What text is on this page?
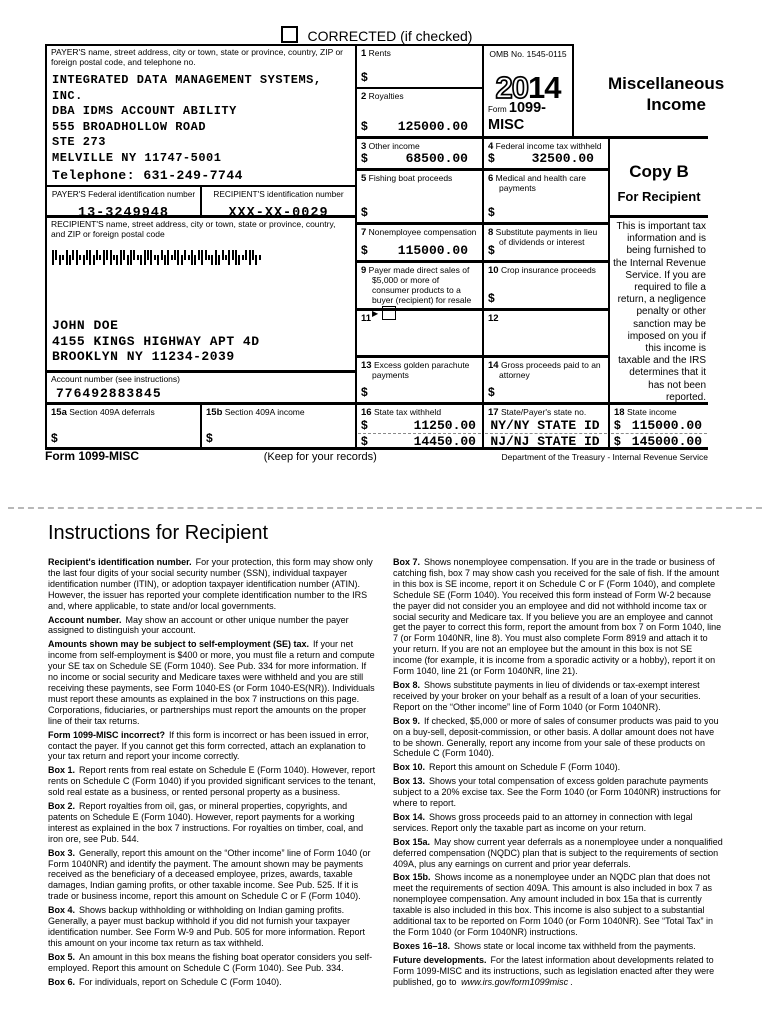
CORRECTED (if checked)
PAYER'S name, street address, city or town, state or province, country, ZIP or foreign postal code, and telephone no.
INTEGRATED DATA MANAGEMENT SYSTEMS, INC.
DBA IDMS ACCOUNT ABILITY
555 BROADHOLLOW ROAD
STE 273
MELVILLE NY 11747-5001
Telephone: 631-249-7744
PAYER'S Federal identification number
13-3249948
RECIPIENT'S identification number
XXX-XX-0029
RECIPIENT'S name, street address, city or town, state or province, country, and ZIP or foreign postal code
JOHN DOE
4155 KINGS HIGHWAY APT 4D
BROOKLYN NY 11234-2039
Account number (see instructions)
776492883845
15a Section 409A deferrals
$
15b Section 409A income
$
1 Rents
$
2 Royalties
$ 125000.00
3 Other income
$	68500.00
5 Fishing boat proceeds
$
7 Nonemployee compensation
$ 115000.00
9 Payer made direct sales of $5,000 or more of consumer products to a buyer (recipient) for resale ▶
11
13 Excess golden parachute payments
$
16 State tax withheld
$	11250.00
$	14450.00
OMB No. 1545-0115
2014
Form 1099-MISC
4 Federal income tax withheld
$	32500.00
6 Medical and health care payments
$
8 Substitute payments in lieu of dividends or interest
$
10 Crop insurance proceeds
$
12
14 Gross proceeds paid to an attorney
$
17 State/Payer's state no.
NY/NY STATE ID
NJ/NJ STATE ID
Miscellaneous
Income
Copy B
For Recipient
This is important tax information and is being furnished to the Internal Revenue Service. If you are required to file a return, a negligence penalty or other sanction may be imposed on you if this income is taxable and the IRS determines that it has not been reported.
18 State income
$ 115000.00
$ 145000.00
Form 1099-MISC	(Keep for your records)	Department of the Treasury - Internal Revenue Service
Instructions for Recipient

Recipient's identification number. For your protection, this form may show only the last four digits of your social security number (SSN), individual taxpayer identification number (ITIN), or adoption taxpayer identification number (ATIN). However, the issuer has reported your complete identification number to the IRS and, where applicable, to state and/or local governments.

Account number. May show an account or other unique number the payer assigned to distinguish your account.

Amounts shown may be subject to self-employment (SE) tax. If your net income from self-employment is $400 or more, you must file a return and compute your SE tax on Schedule SE (Form 1040). See Pub. 334 for more information. If no income or social security and Medicare taxes were withheld and you are still receiving these payments, see Form 1040-ES (or Form 1040-ES(NR)). Individuals must report these amounts as explained in the box 7 instructions on this page. Corporations, fiduciaries, or partnerships must report the amounts on the proper line of their tax returns.

Form 1099-MISC incorrect? If this form is incorrect or has been issued in error, contact the payer. If you cannot get this form corrected, attach an explanation to your tax return and report your income correctly.

Box 1. Report rents from real estate on Schedule E (Form 1040). However, report rents on Schedule C (Form 1040) if you provided significant services to the tenant, sold real estate as a business, or rented personal property as a business.

Box 2. Report royalties from oil, gas, or mineral properties, copyrights, and patents on Schedule E (Form 1040). However, report payments for a working interest as explained in the box 7 instructions. For royalties on timber, coal, and iron ore, see Pub. 544.

Box 3. Generally, report this amount on the “Other income” line of Form 1040 (or Form 1040NR) and identify the payment. The amount shown may be payments received as the beneficiary of a deceased employee, prizes, awards, taxable damages, Indian gaming profits, or other taxable income. See Pub. 525. If it is trade or business income, report this amount on Schedule C or F (Form 1040).

Box 4. Shows backup withholding or withholding on Indian gaming profits. Generally, a payer must backup withhold if you did not furnish your taxpayer identification number. See Form W-9 and Pub. 505 for more information. Report this amount on your income tax return as tax withheld.

Box 5. An amount in this box means the fishing boat operator considers you self-employed. Report this amount on Schedule C (Form 1040). See Pub. 334.

Box 6. For individuals, report on Schedule C (Form 1040).

Box 7. Shows nonemployee compensation. If you are in the trade or business of catching fish, box 7 may show cash you received for the sale of fish. If the amount in this box is SE income, report it on Schedule C or F (Form 1040), and complete Schedule SE (Form 1040). You received this form instead of Form W-2 because the payer did not consider you an employee and did not withhold income tax or social security and Medicare tax. If you believe you are an employee and cannot get the payer to correct this form, report the amount from box 7 on Form 1040, line 7 (or Form 1040NR, line 8). You must also complete Form 8919 and attach it to your return. If you are not an employee but the amount in this box is not SE income (for example, it is income from a sporadic activity or a hobby), report it on Form 1040, line 21 (or Form 1040NR, line 21).

Box 8. Shows substitute payments in lieu of dividends or tax-exempt interest received by your broker on your behalf as a result of a loan of your securities. Report on the “Other income” line of Form 1040 (or Form 1040NR).

Box 9. If checked, $5,000 or more of sales of consumer products was paid to you on a buy-sell, deposit-commission, or other basis. A dollar amount does not have to be shown. Generally, report any income from your sale of these products on Schedule C (Form 1040).

Box 10. Report this amount on Schedule F (Form 1040).

Box 13. Shows your total compensation of excess golden parachute payments subject to a 20% excise tax. See the Form 1040 (or Form 1040NR) instructions for where to report.

Box 14. Shows gross proceeds paid to an attorney in connection with legal services. Report only the taxable part as income on your return.

Box 15a. May show current year deferrals as a nonemployee under a nonqualified deferred compensation (NQDC) plan that is subject to the requirements of section 409A, plus any earnings on current and prior year deferrals.

Box 15b. Shows income as a nonemployee under an NQDC plan that does not meet the requirements of section 409A. This amount is also included in box 7 as nonemployee compensation. Any amount included in box 15a that is currently taxable is also included in this box. This income is also subject to a substantial additional tax to be reported on Form 1040 (or Form 1040NR). See “Total Tax” in the Form 1040 (or Form 1040NR) instructions.

Boxes 16–18. Shows state or local income tax withheld from the payments.

Future developments. For the latest information about developments related to Form 1099-MISC and its instructions, such as legislation enacted after they were published, go to www.irs.gov/form1099misc .
